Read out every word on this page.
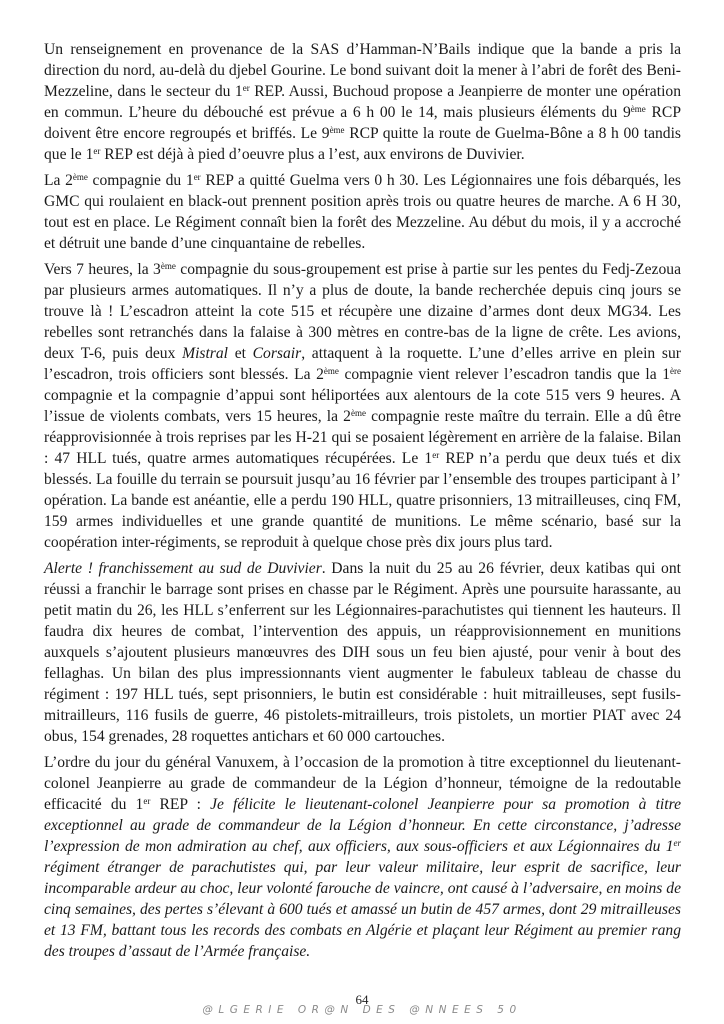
Un renseignement en provenance de la SAS d’Hamman-N’Bails indique que la bande a pris la direction du nord, au-delà du djebel Gourine. Le bond suivant doit la mener à l’abri de forêt des Beni-Mezzeline, dans le secteur du 1er REP. Aussi, Buchoud propose a Jeanpierre de monter une opération en commun. L’heure du débouché est prévue a 6 h 00 le 14, mais plusieurs éléments du 9ème RCP doivent être encore regroupés et briffés. Le 9ème RCP quitte la route de Guelma-Bône a 8 h 00 tandis que le 1er REP est déjà à pied d’oeuvre plus a l’est, aux environs de Duvivier.

La 2ème compagnie du 1er REP a quitté Guelma vers 0 h 30. Les Légionnaires une fois débarqués, les GMC qui roulaient en black-out prennent position après trois ou quatre heures de marche. A 6 H 30, tout est en place. Le Régiment connaît bien la forêt des Mezzeline. Au début du mois, il y a accroché et détruit une bande d’une cinquantaine de rebelles.

Vers 7 heures, la 3ème compagnie du sous-groupement est prise à partie sur les pentes du Fedj-Zezoua par plusieurs armes automatiques. Il n’y a plus de doute, la bande recherchée depuis cinq jours se trouve là ! L’escadron atteint la cote 515 et récupère une dizaine d’armes dont deux MG34. Les rebelles sont retranchés dans la falaise à 300 mètres en contre-bas de la ligne de crête. Les avions, deux T-6, puis deux Mistral et Corsair, attaquent à la roquette. L’une d’elles arrive en plein sur l’escadron, trois officiers sont blessés. La 2ème compagnie vient relever l’escadron tandis que la 1ère compagnie et la compagnie d’appui sont héliportées aux alentours de la cote 515 vers 9 heures. A l’issue de violents combats, vers 15 heures, la 2ème compagnie reste maître du terrain. Elle a dû être réapprovisionnée à trois reprises par les H-21 qui se posaient légèrement en arrière de la falaise. Bilan : 47 HLL tués, quatre armes automatiques récupérées. Le 1er REP n’a perdu que deux tués et dix blessés. La fouille du terrain se poursuit jusqu’au 16 février par l’ensemble des troupes participant à l’ opération. La bande est anéantie, elle a perdu 190 HLL, quatre prisonniers, 13 mitrailleuses, cinq FM, 159 armes individuelles et une grande quantité de munitions. Le même scénario, basé sur la coopération inter-régiments, se reproduit à quelque chose près dix jours plus tard.

Alerte ! franchissement au sud de Duvivier. Dans la nuit du 25 au 26 février, deux katibas qui ont réussi a franchir le barrage sont prises en chasse par le Régiment. Après une poursuite harassante, au petit matin du 26, les HLL s’enferrent sur les Légionnaires-parachutistes qui tiennent les hauteurs. Il faudra dix heures de combat, l’intervention des appuis, un réapprovisionnement en munitions auxquels s’ajoutent plusieurs manœuvres des DIH sous un feu bien ajusté, pour venir à bout des fellaghas. Un bilan des plus impressionnants vient augmenter le fabuleux tableau de chasse du régiment : 197 HLL tués, sept prisonniers, le butin est considérable : huit mitrailleuses, sept fusils-mitrailleurs, 116 fusils de guerre, 46 pistolets-mitrailleurs, trois pistolets, un mortier PIAT avec 24 obus, 154 grenades, 28 roquettes antichars et 60 000 cartouches.

L’ordre du jour du général Vanuxem, à l’occasion de la promotion à titre exceptionnel du lieutenant-colonel Jeanpierre au grade de commandeur de la Légion d’honneur, témoigne de la redoutable efficacité du 1er REP : Je félicite le lieutenant-colonel Jeanpierre pour sa promotion à titre exceptionnel au grade de commandeur de la Légion d’honneur. En cette circonstance, j’adresse l’expression de mon admiration au chef, aux officiers, aux sous-officiers et aux Légionnaires du 1er régiment étranger de parachutistes qui, par leur valeur militaire, leur esprit de sacrifice, leur incomparable ardeur au choc, leur volonté farouche de vaincre, ont causé à l’adversaire, en moins de cinq semaines, des pertes s’élevant à 600 tués et amassé un butin de 457 armes, dont 29 mitrailleuses et 13 FM, battant tous les records des combats en Algérie et plaçant leur Régiment au premier rang des troupes d’assaut de l’Armée française.

64
@LGERIE OR@N DES @NNEES 50
